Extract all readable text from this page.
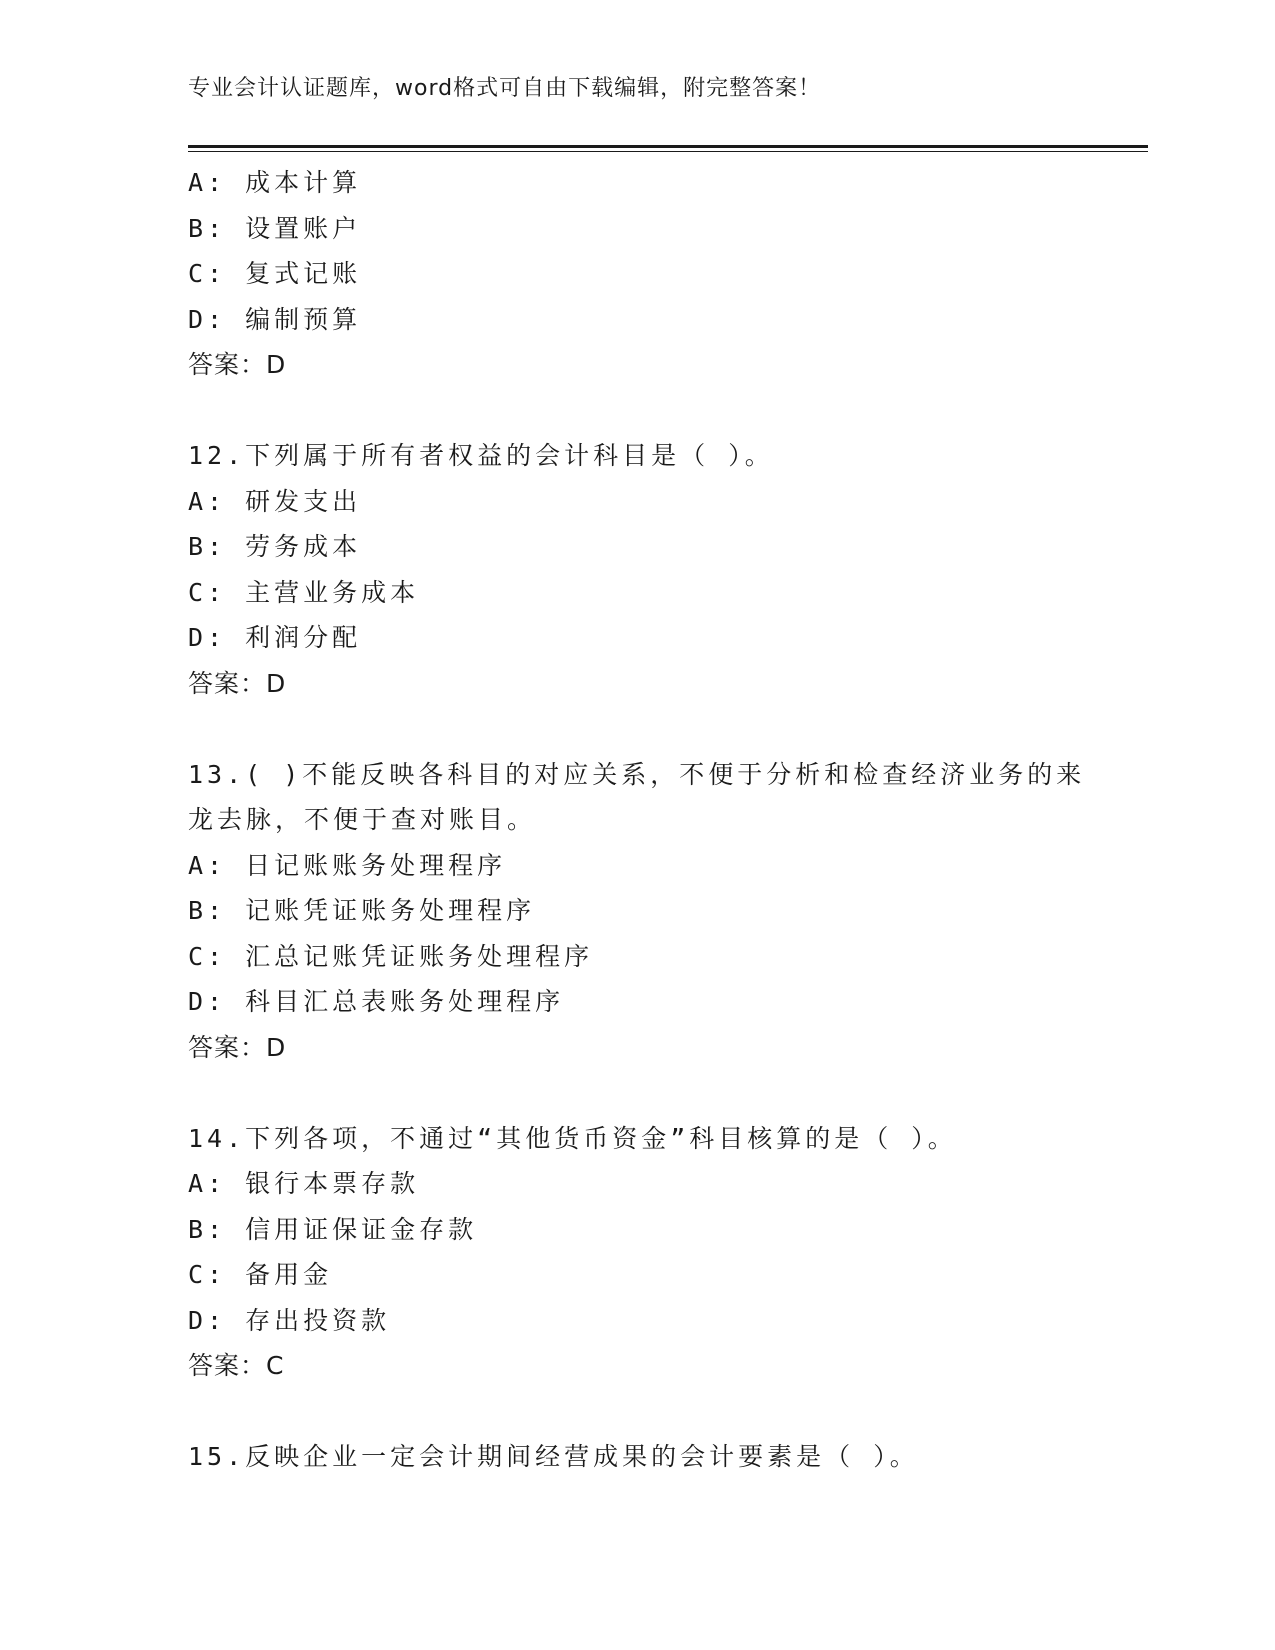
专业会计认证题库，word格式可自由下载编辑，附完整答案！
A: 成本计算
B: 设置账户
C: 复式记账
D: 编制预算
答案：D
12.下列属于所有者权益的会计科目是（ ）。
A: 研发支出
B: 劳务成本
C: 主营业务成本
D: 利润分配
答案：D
13.( )不能反映各科目的对应关系，不便于分析和检查经济业务的来
龙去脉，不便于查对账目。
A: 日记账账务处理程序
B: 记账凭证账务处理程序
C: 汇总记账凭证账务处理程序
D: 科目汇总表账务处理程序
答案：D
14.下列各项，不通过“其他货币资金”科目核算的是（ ）。
A: 银行本票存款
B: 信用证保证金存款
C: 备用金
D: 存出投资款
答案：C
15.反映企业一定会计期间经营成果的会计要素是（ ）。
